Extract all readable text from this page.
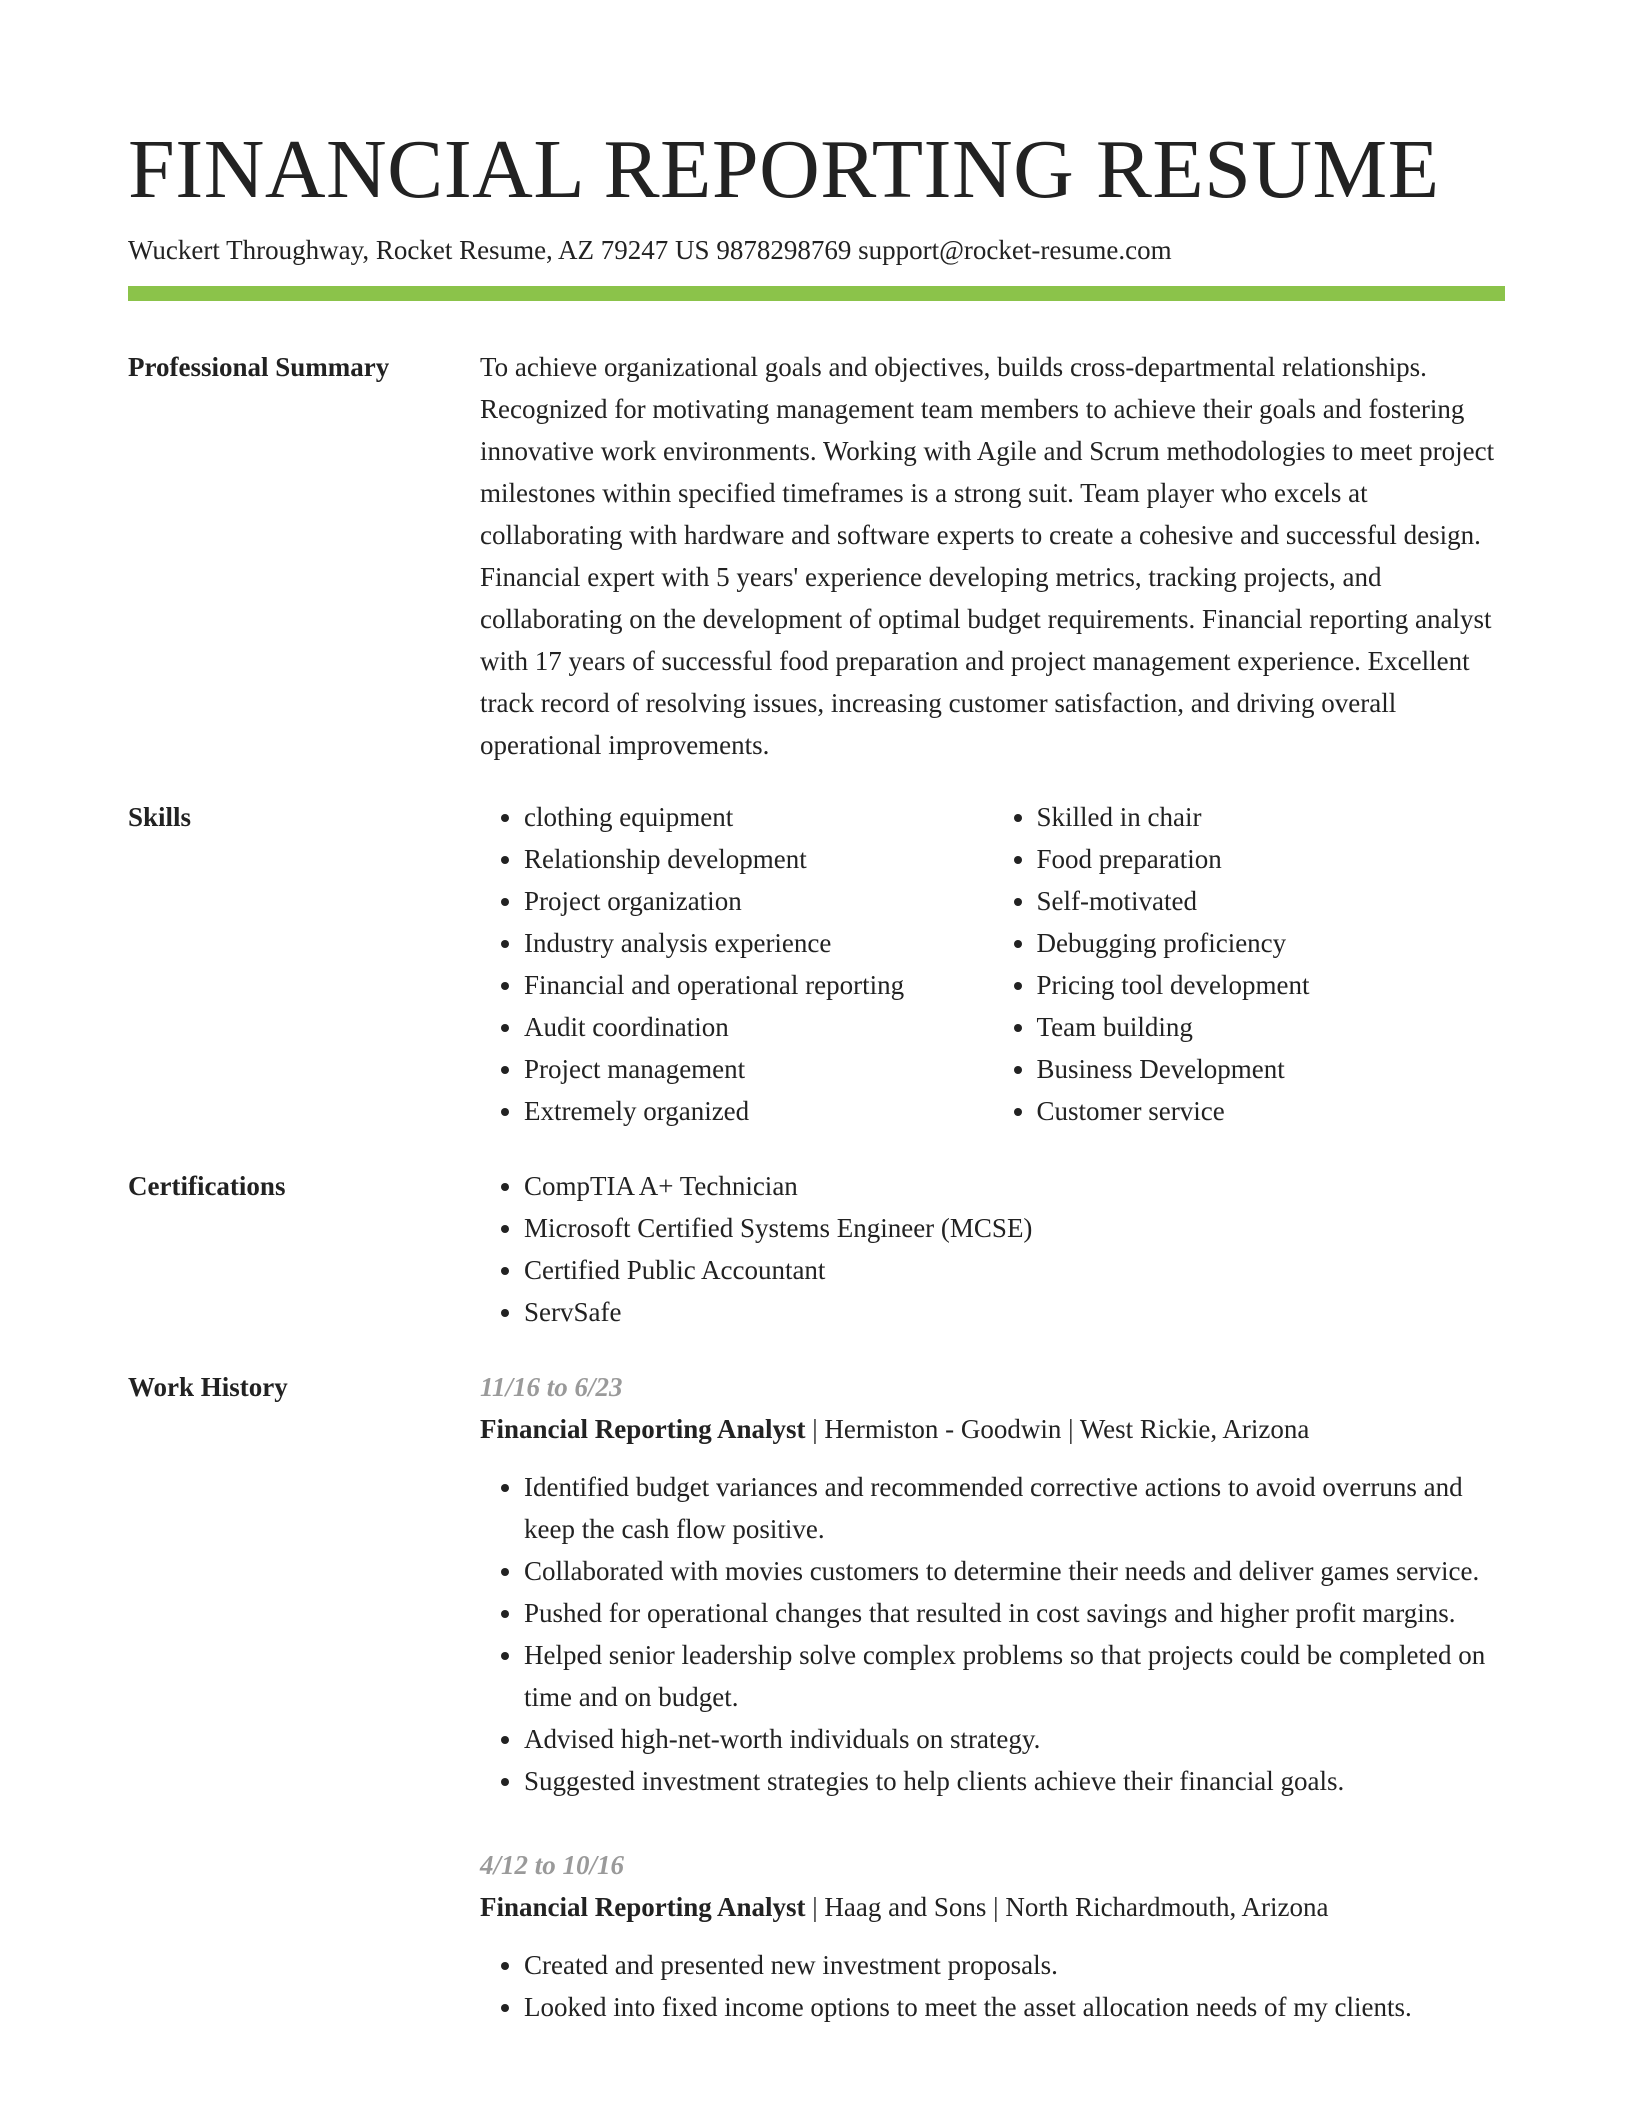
FINANCIAL REPORTING RESUME
Wuckert Throughway, Rocket Resume, AZ 79247 US 9878298769 support@rocket-resume.com
Professional Summary	To achieve organizational goals and objectives, builds cross-departmental relationships. Recognized for motivating management team members to achieve their goals and fostering innovative work environments. Working with Agile and Scrum methodologies to meet project milestones within specified timeframes is a strong suit. Team player who excels at collaborating with hardware and software experts to create a cohesive and successful design. Financial expert with 5 years' experience developing metrics, tracking projects, and collaborating on the development of optimal budget requirements. Financial reporting analyst with 17 years of successful food preparation and project management experience. Excellent track record of resolving issues, increasing customer satisfaction, and driving overall operational improvements.

Skills	• clothing equipment
• Relationship development
• Project organization
• Industry analysis experience
• Financial and operational reporting
• Audit coordination
• Project management
• Extremely organized
• Skilled in chair
• Food preparation
• Self-motivated
• Debugging proficiency
• Pricing tool development
• Team building
• Business Development
• Customer service
Certifications	• CompTIA A+ Technician
• Microsoft Certified Systems Engineer (MCSE)
• Certified Public Accountant
• ServSafe
Work History	11/16 to 6/23
Financial Reporting Analyst | Hermiston - Goodwin | West Rickie, Arizona
• Identified budget variances and recommended corrective actions to avoid overruns and keep the cash flow positive.
• Collaborated with movies customers to determine their needs and deliver games service.
• Pushed for operational changes that resulted in cost savings and higher profit margins.
• Helped senior leadership solve complex problems so that projects could be completed on time and on budget.
• Advised high-net-worth individuals on strategy.
• Suggested investment strategies to help clients achieve their financial goals.
4/12 to 10/16
Financial Reporting Analyst | Haag and Sons | North Richardmouth, Arizona
• Created and presented new investment proposals.
• Looked into fixed income options to meet the asset allocation needs of my clients.
